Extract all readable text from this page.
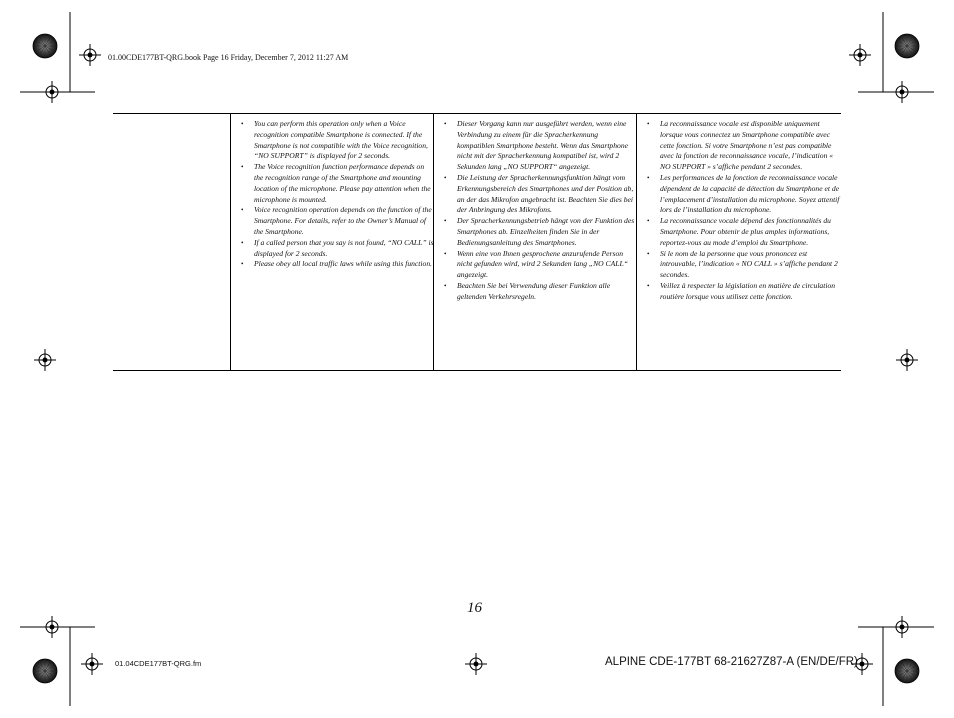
01.00CDE177BT-QRG.book Page 16 Friday, December 7, 2012 11:27 AM
• You can perform this operation only when a Voice recognition compatible Smartphone is connected. If the Smartphone is not compatible with the Voice recognition, “NO SUPPORT” is displayed for 2 seconds.
• The Voice recognition function performance depends on the recognition range of the Smartphone and mounting location of the microphone. Please pay attention when the microphone is mounted.
• Voice recognition operation depends on the function of the Smartphone. For details, refer to the Owner’s Manual of the Smartphone.
• If a called person that you say is not found, “NO CALL” is displayed for 2 seconds.
• Please obey all local traffic laws while using this function.
• Dieser Vorgang kann nur ausgeführt werden, wenn eine Verbindung zu einem für die Spracherkennung kompatiblen Smartphone besteht. Wenn das Smartphone nicht mit der Spracherkennung kompatibel ist, wird 2 Sekunden lang „NO SUPPORT“ angezeigt.
• Die Leistung der Spracherkennungsfunktion hängt vom Erkennungsbereich des Smartphones und der Position ab, an der das Mikrofon angebracht ist. Beachten Sie dies bei der Anbringung des Mikrofons.
• Der Spracherkennungsbetrieb hängt von der Funktion des Smartphones ab. Einzelheiten finden Sie in der Bedienungsanleitung des Smartphones.
• Wenn eine von Ihnen gesprochene anzurufende Person nicht gefunden wird, wird 2 Sekunden lang „NO CALL“ angezeigt.
• Beachten Sie bei Verwendung dieser Funktion alle geltenden Verkehrsregeln.
• La reconnaissance vocale est disponible uniquement lorsque vous connectez un Smartphone compatible avec cette fonction. Si votre Smartphone n’est pas compatible avec la fonction de reconnaissance vocale, l’indication « NO SUPPORT » s’affiche pendant 2 secondes.
• Les performances de la fonction de reconnaissance vocale dépendent de la capacité de détection du Smartphone et de l’emplacement d’installation du microphone. Soyez attentif lors de l’installation du microphone.
• La reconnaissance vocale dépend des fonctionnalités du Smartphone. Pour obtenir de plus amples informations, reportez-vous au mode d’emploi du Smartphone.
• Si le nom de la personne que vous prononcez est introuvable, l’indication « NO CALL » s’affiche pendant 2 secondes.
• Veillez à respecter la législation en matière de circulation routière lorsque vous utilisez cette fonction.
16
01.04CDE177BT-QRG.fm	ALPINE CDE-177BT 68-21627Z87-A (EN/DE/FR)
